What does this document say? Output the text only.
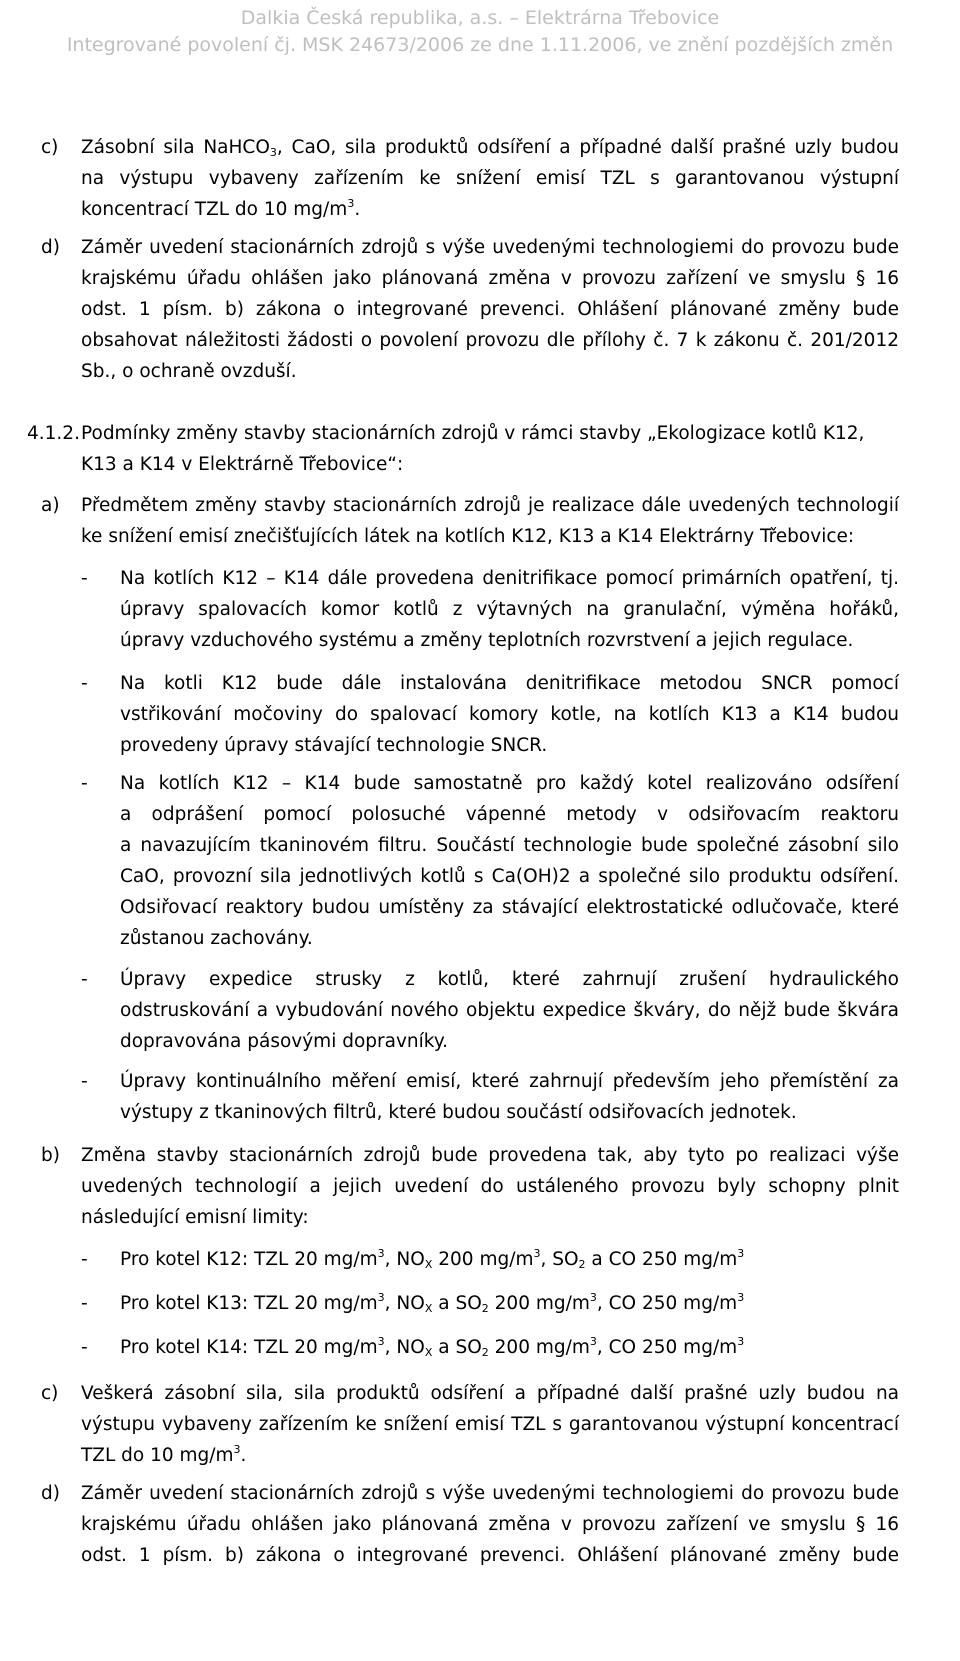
Dalkia Česká republika, a.s. – Elektrárna Třebovice
Integrované povolení čj. MSK 24673/2006 ze dne 1.11.2006, ve znění pozdějších změn
c) Zásobní sila NaHCO$_3$, CaO, sila produktů odsíření a případné další prašné uzly budou
na výstupu vybaveny zařízením ke snížení emisí TZL s garantovanou výstupní
koncentrací TZL do 10 $mg/m^3$.
d) Záměr uvedení stacionárních zdrojů s výše uvedenými technologiemi do provozu bude
krajskému úřadu ohlášen jako plánovaná změna v provozu zařízení ve smyslu § 16
odst. 1 písm. b) zákona o integrované prevenci. Ohlášení plánované změny bude
obsahovat náležitosti žádosti o povolení provozu dle přílohy č. 7 k zákonu č. 201/2012
Sb., o ochraně ovzduší.
4.1.2. Podmínky změny stavby stacionárních zdrojů v rámci stavby „Ekologizace kotlů K12,
K13 a K14 v Elektrárně Třebovice“:
a) Předmětem změny stavby stacionárních zdrojů je realizace dále uvedených technologií
ke snížení emisí znečišťujících látek na kotlích K12, K13 a K14 Elektrárny Třebovice:
- Na kotlích K12 – K14 dále provedena denitrifikace pomocí primárních opatření, tj.
úpravy spalovacích komor kotlů z výtavných na granulační, výměna hořáků,
úpravy vzduchového systému a změny teplotních rozvrstvení a jejich regulace.
- Na kotli K12 bude dále instalována denitrifikace metodou SNCR pomocí
vstřikování močoviny do spalovací komory kotle, na kotlích K13 a K14 budou
provedeny úpravy stávající technologie SNCR.
- Na kotlích K12 – K14 bude samostatně pro každý kotel realizováno odsíření
a odprášení pomocí polosuché vápenné metody v odsiřovacím reaktoru
a navazujícím tkaninovém filtru. Součástí technologie bude společné zásobní silo
CaO, provozní sila jednotlivých kotlů s Ca(OH)2 a společné silo produktu odsíření.
Odsiřovací reaktory budou umístěny za stávající elektrostatické odlučovače, které
zůstanou zachovány.
- Úpravy expedice strusky z kotlů, které zahrnují zrušení hydraulického
odstruskování a vybudování nového objektu expedice škváry, do nějž bude škvára
dopravována pásovými dopravníky.
- Úpravy kontinuálního měření emisí, které zahrnují především jeho přemístění za
výstupy z tkaninových filtrů, které budou součástí odsiřovacích jednotek.
b) Změna stavby stacionárních zdrojů bude provedena tak, aby tyto po realizaci výše
uvedených technologií a jejich uvedení do ustáleného provozu byly schopny plnit
následující emisní limity:
- Pro kotel K12: TZL 20 $mg/m^3$, $NO_X$ 200 $mg/m^3$, $SO_2$ a CO 250 $mg/m^3$
- Pro kotel K13: TZL 20 $mg/m^3$, $NO_X$ a $SO_2$ 200 $mg/m^3$, CO 250 $mg/m^3$
- Pro kotel K14: TZL 20 $mg/m^3$, $NO_X$ a $SO_2$ 200 $mg/m^3$, CO 250 $mg/m^3$
c) Veškerá zásobní sila, sila produktů odsíření a případné další prašné uzly budou na
výstupu vybaveny zařízením ke snížení emisí TZL s garantovanou výstupní koncentrací
TZL do 10 $mg/m^3$.
d) Záměr uvedení stacionárních zdrojů s výše uvedenými technologiemi do provozu bude
krajskému úřadu ohlášen jako plánovaná změna v provozu zařízení ve smyslu § 16
odst. 1 písm. b) zákona o integrované prevenci. Ohlášení plánované změny bude
